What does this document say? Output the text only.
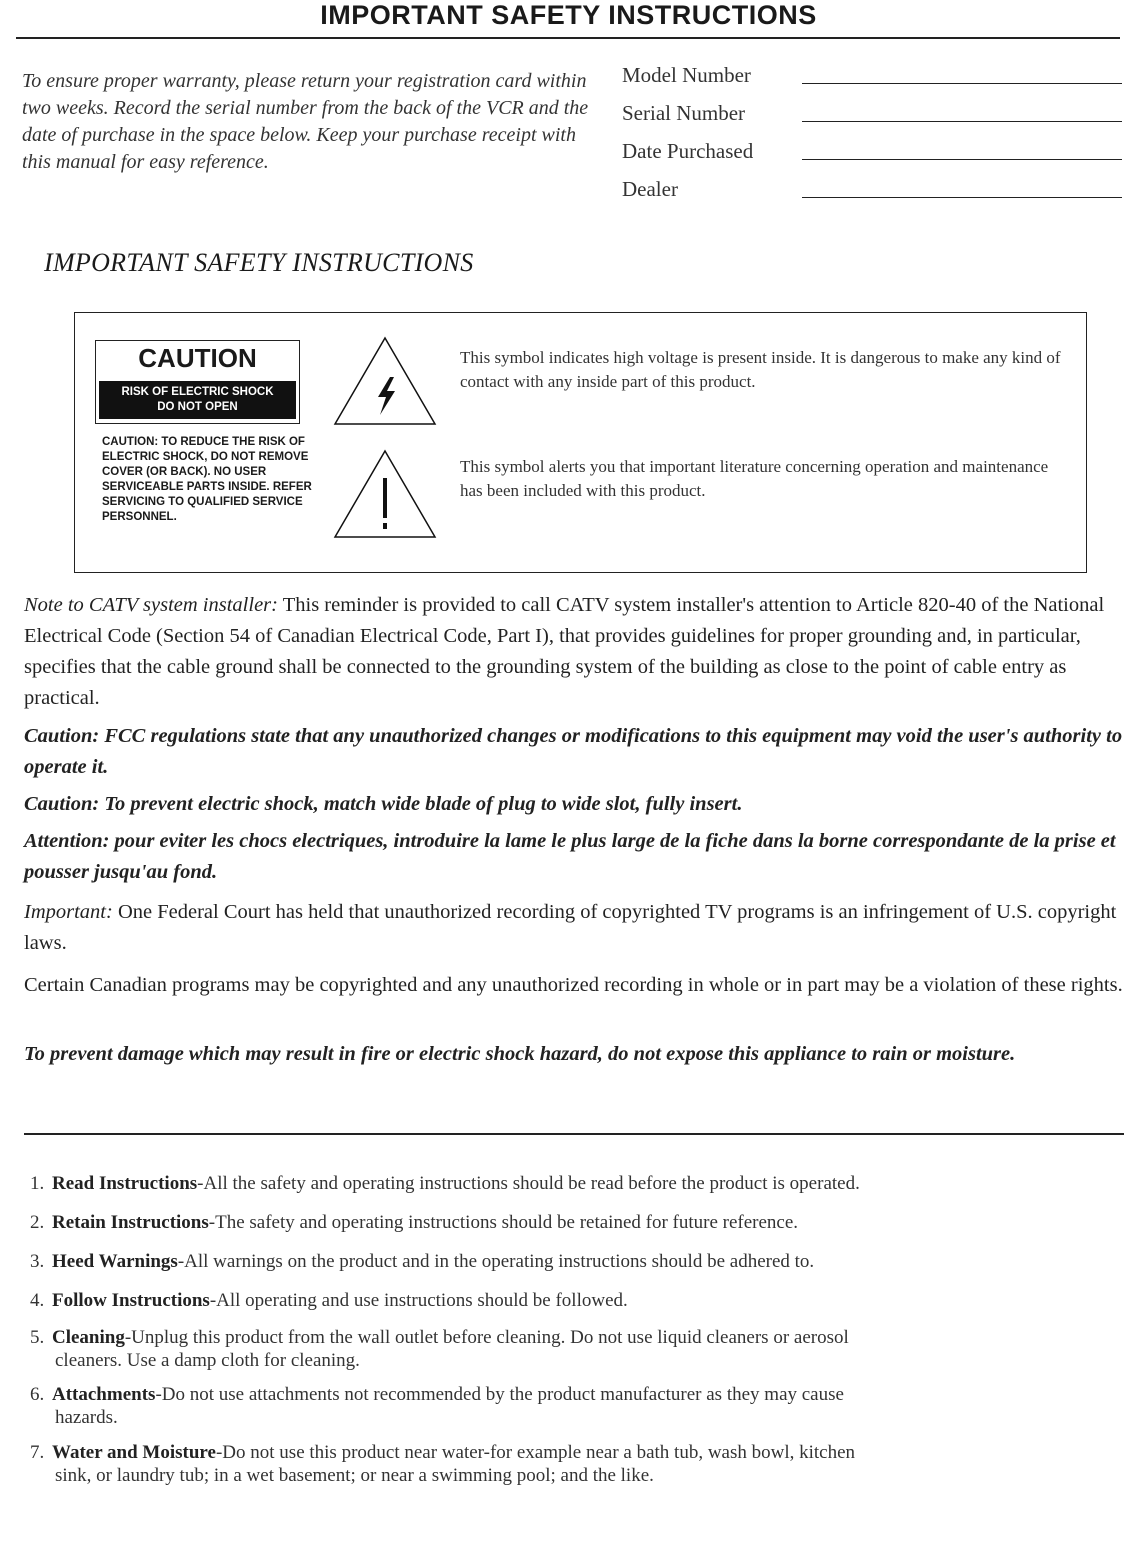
IMPORTANT SAFETY INSTRUCTIONS
To ensure proper warranty, please return your registration card within two weeks. Record the serial number from the back of the VCR and the date of purchase in the space below. Keep your purchase receipt with this manual for easy reference.
Model Number
Serial Number
Date Purchased
Dealer
IMPORTANT SAFETY INSTRUCTIONS
CAUTION
RISK OF ELECTRIC SHOCK
DO NOT OPEN
CAUTION: TO REDUCE THE RISK OF ELECTRIC SHOCK, DO NOT REMOVE COVER (OR BACK). NO USER SERVICEABLE PARTS INSIDE. REFER SERVICING TO QUALIFIED SERVICE PERSONNEL.
This symbol indicates high voltage is present inside. It is dangerous to make any kind of contact with any inside part of this product.
This symbol alerts you that important literature concerning operation and maintenance has been included with this product.
Note to CATV system installer: This reminder is provided to call CATV system installer's attention to Article 820-40 of the National Electrical Code (Section 54 of Canadian Electrical Code, Part I), that provides guidelines for proper grounding and, in particular, specifies that the cable ground shall be connected to the grounding system of the building as close to the point of cable entry as practical.
Caution: FCC regulations state that any unauthorized changes or modifications to this equipment may void the user's authority to operate it.
Caution: To prevent electric shock, match wide blade of plug to wide slot, fully insert.
Attention: pour eviter les chocs electriques, introduire la lame le plus large de la fiche dans la borne correspondante de la prise et pousser jusqu'au fond.
Important: One Federal Court has held that unauthorized recording of copyrighted TV programs is an infringement of U.S. copyright laws.
Certain Canadian programs may be copyrighted and any unauthorized recording in whole or in part may be a violation of these rights.
To prevent damage which may result in fire or electric shock hazard, do not expose this appliance to rain or moisture.
1. Read Instructions-All the safety and operating instructions should be read before the product is operated.
2. Retain Instructions-The safety and operating instructions should be retained for future reference.
3. Heed Warnings-All warnings on the product and in the operating instructions should be adhered to.
4. Follow Instructions-All operating and use instructions should be followed.
5. Cleaning-Unplug this product from the wall outlet before cleaning. Do not use liquid cleaners or aerosol
cleaners. Use a damp cloth for cleaning.
6. Attachments-Do not use attachments not recommended by the product manufacturer as they may cause
hazards.
7. Water and Moisture-Do not use this product near water-for example near a bath tub, wash bowl, kitchen
sink, or laundry tub; in a wet basement; or near a swimming pool; and the like.
